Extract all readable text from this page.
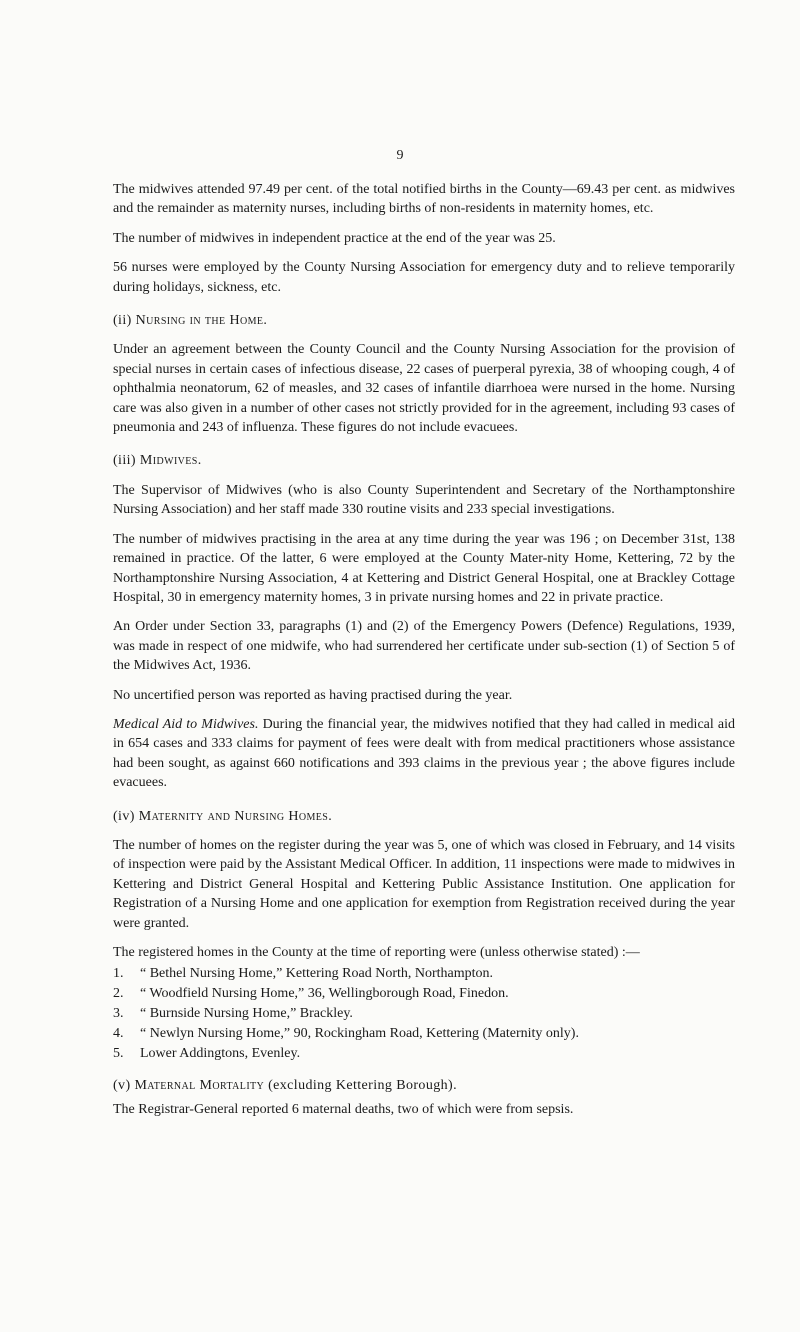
9

The midwives attended 97.49 per cent. of the total notified births in the County—69.43 per cent. as midwives and the remainder as maternity nurses, including births of non-residents in maternity homes, etc.

The number of midwives in independent practice at the end of the year was 25.

56 nurses were employed by the County Nursing Association for emergency duty and to relieve temporarily during holidays, sickness, etc.

(ii) Nursing in the Home.

Under an agreement between the County Council and the County Nursing Association for the provision of special nurses in certain cases of infectious disease, 22 cases of puerperal pyrexia, 38 of whooping cough, 4 of ophthalmia neonatorum, 62 of measles, and 32 cases of infantile diarrhoea were nursed in the home. Nursing care was also given in a number of other cases not strictly provided for in the agreement, including 93 cases of pneumonia and 243 of influenza. These figures do not include evacuees.

(iii) Midwives.

The Supervisor of Midwives (who is also County Superintendent and Secretary of the Northamptonshire Nursing Association) and her staff made 330 routine visits and 233 special investigations.

The number of midwives practising in the area at any time during the year was 196 ; on December 31st, 138 remained in practice. Of the latter, 6 were employed at the County Mater-nity Home, Kettering, 72 by the Northamptonshire Nursing Association, 4 at Kettering and District General Hospital, one at Brackley Cottage Hospital, 30 in emergency maternity homes, 3 in private nursing homes and 22 in private practice.

An Order under Section 33, paragraphs (1) and (2) of the Emergency Powers (Defence) Regulations, 1939, was made in respect of one midwife, who had surrendered her certificate under sub-section (1) of Section 5 of the Midwives Act, 1936.

No uncertified person was reported as having practised during the year.

Medical Aid to Midwives. During the financial year, the midwives notified that they had called in medical aid in 654 cases and 333 claims for payment of fees were dealt with from medical practitioners whose assistance had been sought, as against 660 notifications and 393 claims in the previous year ; the above figures include evacuees.

(iv) Maternity and Nursing Homes.

The number of homes on the register during the year was 5, one of which was closed in February, and 14 visits of inspection were paid by the Assistant Medical Officer. In addition, 11 inspections were made to midwives in Kettering and District General Hospital and Kettering Public Assistance Institution. One application for Registration of a Nursing Home and one application for exemption from Registration received during the year were granted.

The registered homes in the County at the time of reporting were (unless otherwise stated) :—

1. “ Bethel Nursing Home,” Kettering Road North, Northampton.
2. “ Woodfield Nursing Home,” 36, Wellingborough Road, Finedon.
3. “ Burnside Nursing Home,” Brackley.
4. “ Newlyn Nursing Home,” 90, Rockingham Road, Kettering (Maternity only).
5. Lower Addingtons, Evenley.
(v) Maternal Mortality (excluding Kettering Borough).

The Registrar-General reported 6 maternal deaths, two of which were from sepsis.
